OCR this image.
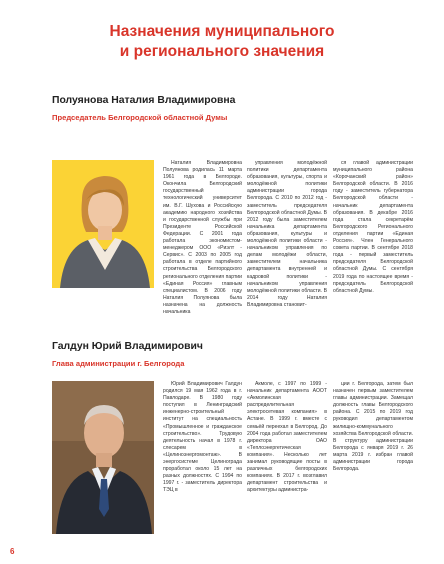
Назначения муниципального
и регионального значения
Полуянова Наталия Владимировна
Председатель Белгородской областной Думы

Наталия Владимировна Полуянова родилась 11 марта 1961 года в Белгороде. Окончила Белгородский государственный технологический университет им. В.Г. Шухова и Российскую академию народного хозяйства и государственной службы при Президенте Российской Федерации. С 2001 года работала экономистом-менеджером ООО «Риэлт - Сервис». С 2003 по 2005 год работала в отделе партийного строительства Белгородского регионального отделения партии «Единая Россия» главным специалистом. В 2006 году Наталия Полуянова была назначена на должность начальника

управления молодёжной политики департамента образования, культуры, спорта и молодёжной политики администрации города Белгорода. С 2010 по 2012 год - заместитель председателя Белгородской областной Думы. В 2012 году была заместителем начальника департамента образования, культуры и молодёжной политики области - начальником управления по делам молодёжи области, заместителем начальника департамента внутренней и кадровой политики - начальником управления молодёжной политики области. В 2014 году Наталия Владимировна становит-

ся главой администрации муниципального района «Корочанский район» Белгородской области. В 2016 году - заместитель губернатора Белгородской области - начальник департамента образования. В декабре 2016 года стала секретарём Белгородского Регионального отделения партии «Единая Россия». Член Генерального совета партии. В сентябре 2018 года - первый заместитель председателя Белгородской областной Думы. С сентября 2019 года по настоящее время - председатель Белгородской областной Думы.

Галдун Юрий Владимирович
Глава администрации г. Белгорода

Юрий Владимирович Галдун родился 19 мая 1962 года в г. Павлодаре. В 1980 году поступил в Ленинградский инженерно-строительный институт на специальность «Промышленное и гражданское строительство». Трудовую деятельность начал в 1978 г. слесарем в «Целиноэнергомонтаж». В энергосистеме Целинограда проработал около 15 лет на разных должностях. С 1994 по 1997 г. - заместитель директора ТЭЦ в

Акмоле, с 1997 по 1999 - начальник департамента АООТ «Акмолинская распределительная электросетевая компания» в Астане. В 1999 г. вместе с семьёй переехал в Белгород. До 2004 года работал заместителем директора ОАО «Теплоэнергетическая компания». Несколько лет занимал руководящие посты в различных белгородских компаниях. В 2017 г. возглавил департамент строительства и архитектуры администра-

ции г. Белгорода, затем был назначен первым заместителем главы администрации. Замещал должность главы Белгородского района. С 2015 по 2019 год руководил департаментом жилищно-коммунального хозяйства Белгородской области. В структуру администрации Белгорода с января 2019 г. 26 марта 2019 г. избран главой администрации города Белгорода.

6
